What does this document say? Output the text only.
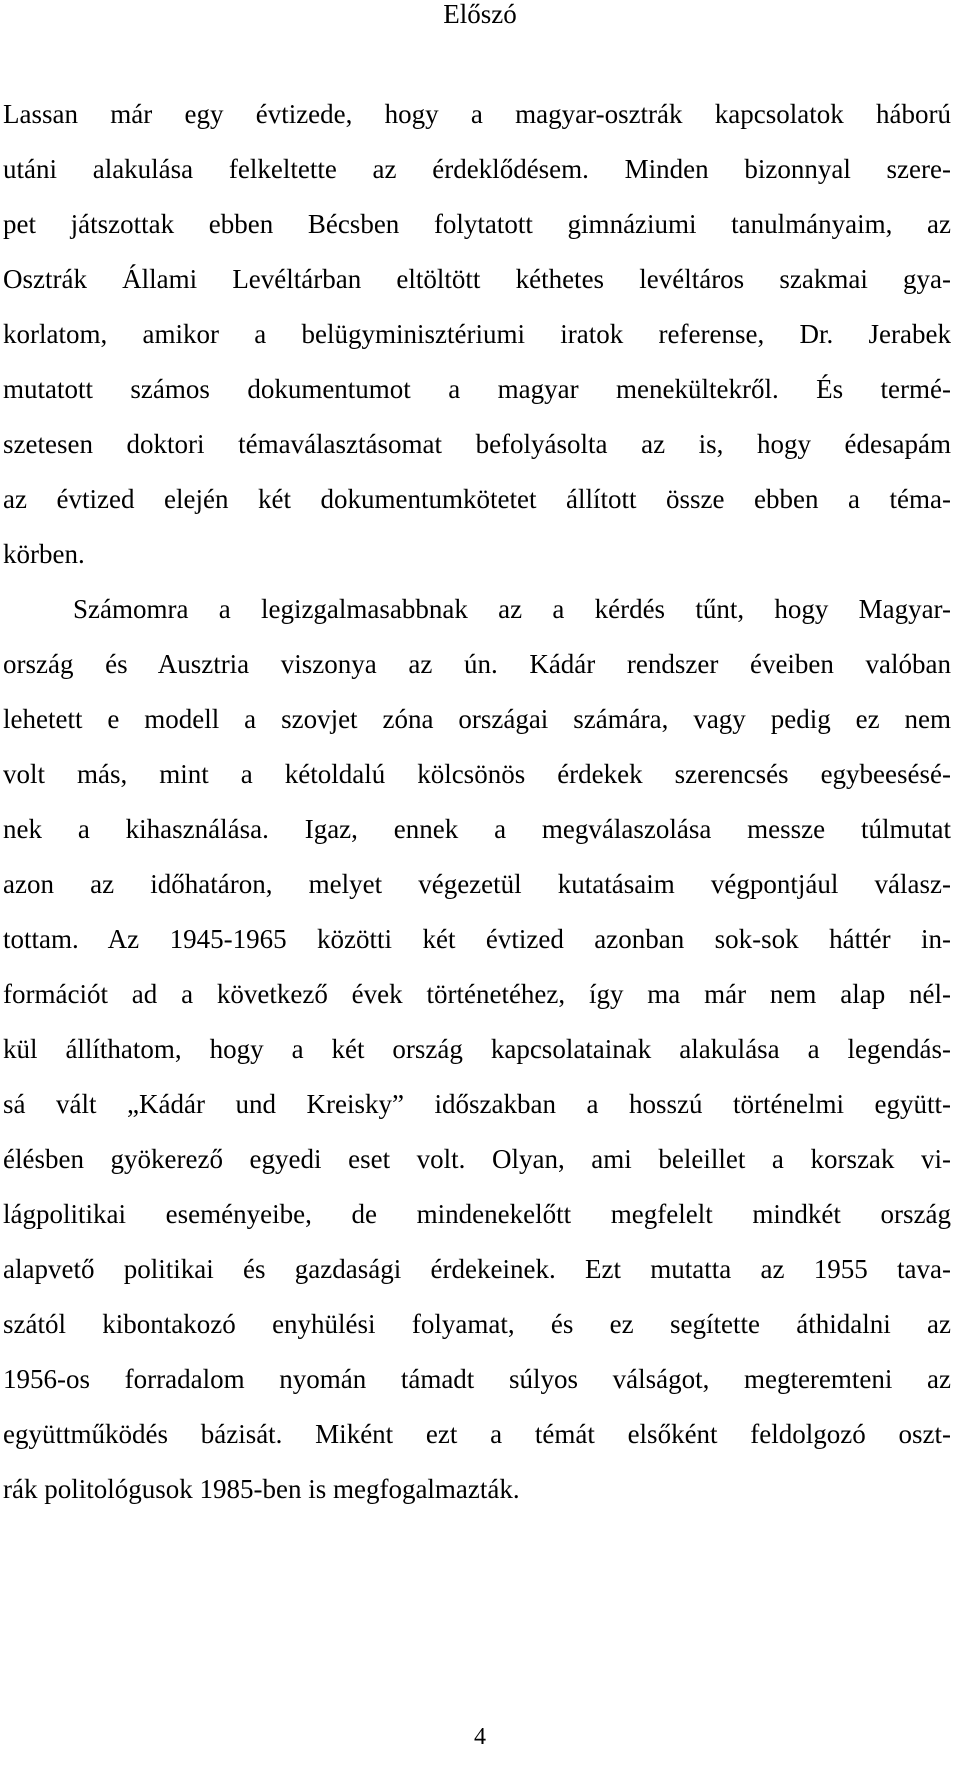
Előszó
Lassan már egy évtizede, hogy a magyar-osztrák kapcsolatok háború
utáni alakulása felkeltette az érdeklődésem. Minden bizonnyal szere-
pet játszottak ebben Bécsben folytatott gimnáziumi tanulmányaim, az
Osztrák Állami Levéltárban eltöltött kéthetes levéltáros szakmai gya-
korlatom, amikor a belügyminisztériumi iratok referense, Dr. Jerabek
mutatott számos dokumentumot a magyar menekültekről. És termé-
szetesen doktori témaválasztásomat befolyásolta az is, hogy édesapám
az évtized elején két dokumentumkötetet állított össze ebben a téma-
körben.
Számomra a legizgalmasabbnak az a kérdés tűnt, hogy Magyar-
ország és Ausztria viszonya az ún. Kádár rendszer éveiben valóban
lehetett e modell a szovjet zóna országai számára, vagy pedig ez nem
volt más, mint a kétoldalú kölcsönös érdekek szerencsés egybeesésé-
nek a kihasználása. Igaz, ennek a megválaszolása messze túlmutat
azon az időhatáron, melyet végezetül kutatásaim végpontjául válasz-
tottam. Az 1945-1965 közötti két évtized azonban sok-sok háttér in-
formációt ad a következő évek történetéhez, így ma már nem alap nél-
kül állíthatom, hogy a két ország kapcsolatainak alakulása a legendás-
sá vált „Kádár und Kreisky” időszakban a hosszú történelmi együtt-
élésben gyökerező egyedi eset volt. Olyan, ami beleillet a korszak vi-
lágpolitikai eseményeibe, de mindenekelőtt megfelelt mindkét ország
alapvető politikai és gazdasági érdekeinek. Ezt mutatta az 1955 tava-
szától kibontakozó enyhülési folyamat, és ez segítette áthidalni az
1956-os forradalom nyomán támadt súlyos válságot, megteremteni az
együttműködés bázisát. Miként ezt a témát elsőként feldolgozó oszt-
rák politológusok 1985-ben is megfogalmazták.
4
